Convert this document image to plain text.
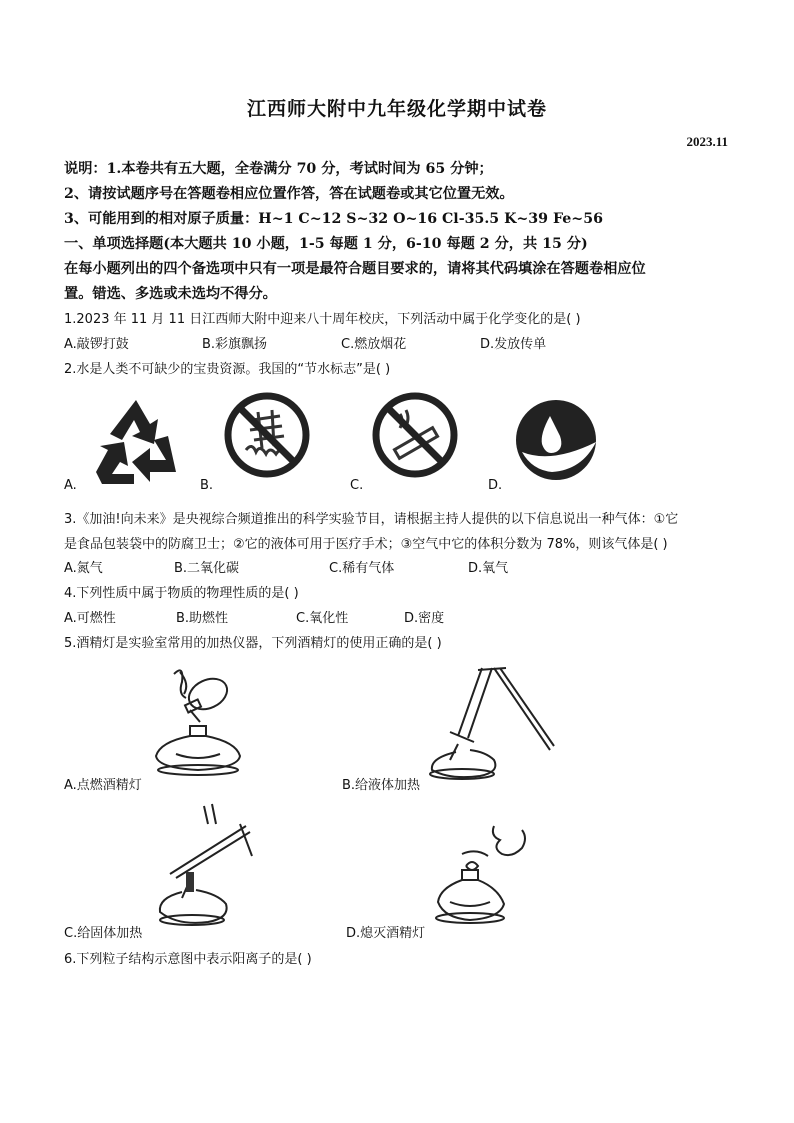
江西师大附中九年级化学期中试卷
2023.11
说明：1.本卷共有五大题，全卷满分 70 分，考试时间为 65 分钟；
2、请按试题序号在答题卷相应位置作答，答在试题卷或其它位置无效。
3、可能用到的相对原子质量：H~1 C~12 S~32 O~16 Cl-35.5 K~39 Fe~56
一、单项选择题(本大题共 10 小题，1-5 每题 1 分，6-10 每题 2 分，共 15 分)
在每小题列出的四个备选项中只有一项是最符合题目要求的，请将其代码填涂在答题卷相应位
置。错选、多选或未选均不得分。
1.2023 年 11 月 11 日江西师大附中迎来八十周年校庆，下列活动中属于化学变化的是( )
A.敲锣打鼓	B.彩旗飘扬	C.燃放烟花	D.发放传单
2.水是人类不可缺少的宝贵资源。我国的“节水标志”是( )
A.	B.	C.	D.
3.《加油!向未来》是央视综合频道推出的科学实验节目，请根据主持人提供的以下信息说出一种气体：①它
是食品包装袋中的防腐卫士；②它的液体可用于医疗手术；③空气中它的体积分数为 78%，则该气体是( )
A.氮气	B.二氧化碳	C.稀有气体	D.氧气
4.下列性质中属于物质的物理性质的是( )
A.可燃性	B.助燃性	C.氧化性	D.密度
5.酒精灯是实验室常用的加热仪器，下列酒精灯的使用正确的是( )
A.点燃酒精灯	B.给液体加热
C.给固体加热	D.熄灭酒精灯
6.下列粒子结构示意图中表示阳离子的是( )
